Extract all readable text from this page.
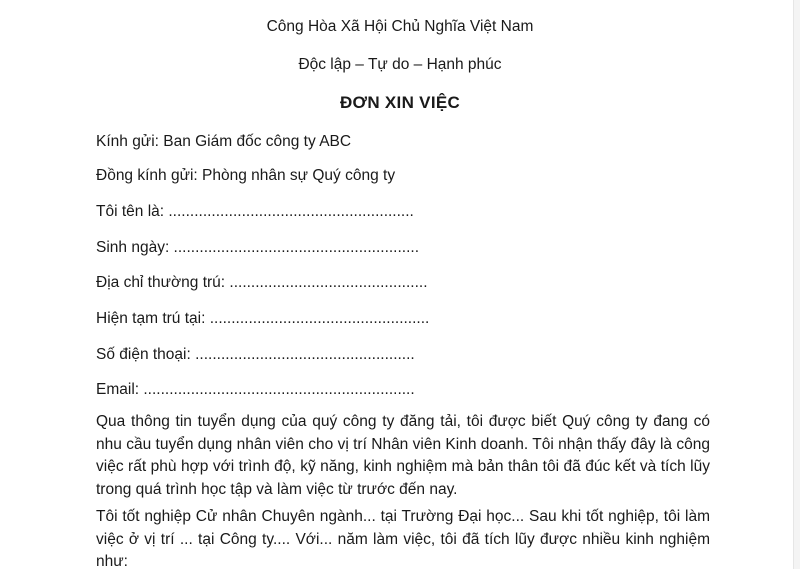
Công Hòa Xã Hội Chủ Nghĩa Việt Nam
Độc lập – Tự do – Hạnh phúc
ĐƠN XIN VIỆC
Kính gửi: Ban Giám đốc công ty ABC
Đồng kính gửi: Phòng nhân sự Quý công ty
Tôi tên là: .........................................................
Sinh ngày: .........................................................
Địa chỉ thường trú: ..............................................
Hiện tạm trú tại: ...................................................
Số điện thoại: ...................................................
Email: ...............................................................
Qua thông tin tuyển dụng của quý công ty đăng tải, tôi được biết Quý công ty đang có nhu cầu tuyển dụng nhân viên cho vị trí Nhân viên Kinh doanh. Tôi nhận thấy đây là công việc rất phù hợp với trình độ, kỹ năng, kinh nghiệm mà bản thân tôi đã đúc kết và tích lũy trong quá trình học tập và làm việc từ trước đến nay.
Tôi tốt nghiệp Cử nhân Chuyên ngành... tại Trường Đại học... Sau khi tốt nghiệp, tôi làm việc ở vị trí ... tại Công ty.... Với... năm làm việc, tôi đã tích lũy được nhiều kinh nghiệm như:
